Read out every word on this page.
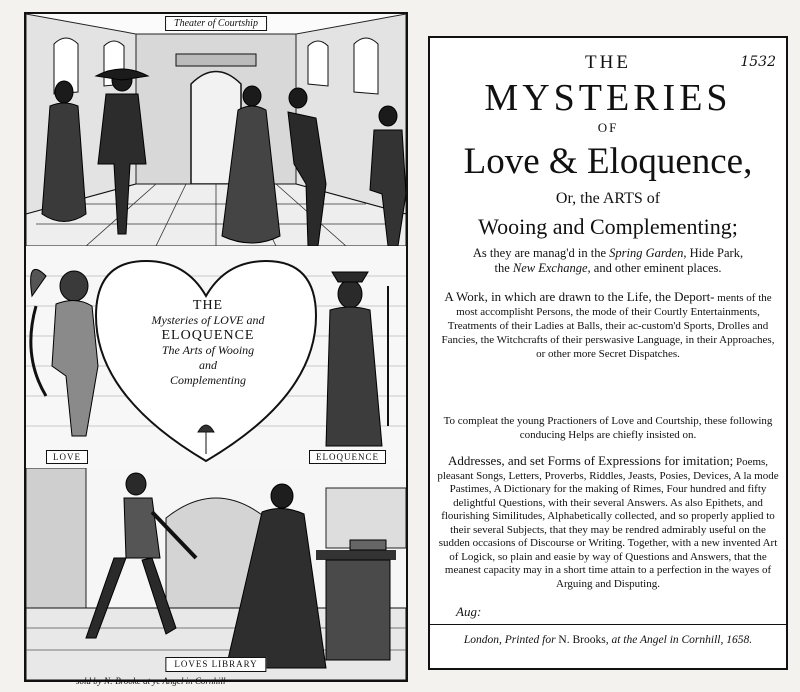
Theater of Courtship
THE
Mysteries of LOVE and
ELOQUENCE
The Arts of Wooing
and
Complementing
LOVE	ELOQUENCE
LOVES LIBRARY
sold by N: Brooke at ye Angel in Cornhill
1532
THE
MYSTERIES
OF
Love & Eloquence,
Or, the ARTS of
Wooing and Complementing;
As they are manag'd in the Spring Garden, Hide Park,
the New Exchange, and other eminent places.
A Work, in which are drawn to the Life, the Deport- ments of the most accomplisht Persons, the mode of their Courtly Entertainments, Treatments of their Ladies at Balls, their ac-custom'd Sports, Drolles and Fancies, the Witchcrafts of their perswasive Language, in their Approaches, or other more Secret Dispatches.
To compleat the young Practioners of Love and Courtship, these following conducing Helps are chiefly insisted on.
Addresses, and set Forms of Expressions for imitation; Poems, pleasant Songs, Letters, Proverbs, Riddles, Jeasts, Posies, Devices, A la mode Pastimes, A Dictionary for the making of Rimes, Four hundred and fifty delightful Questions, with their several Answers. As also Epithets, and flourishing Similitudes, Alphabetically collected, and so properly applied to their several Subjects, that they may be rendred admirably useful on the sudden occasions of Discourse or Writing. Together, with a new invented Art of Logick, so plain and easie by way of Questions and Answers, that the meanest capacity may in a short time attain to a perfection in the wayes of Arguing and Disputing.
Aug:
London, Printed for N. Brooks, at the Angel in Cornhill, 1658.
